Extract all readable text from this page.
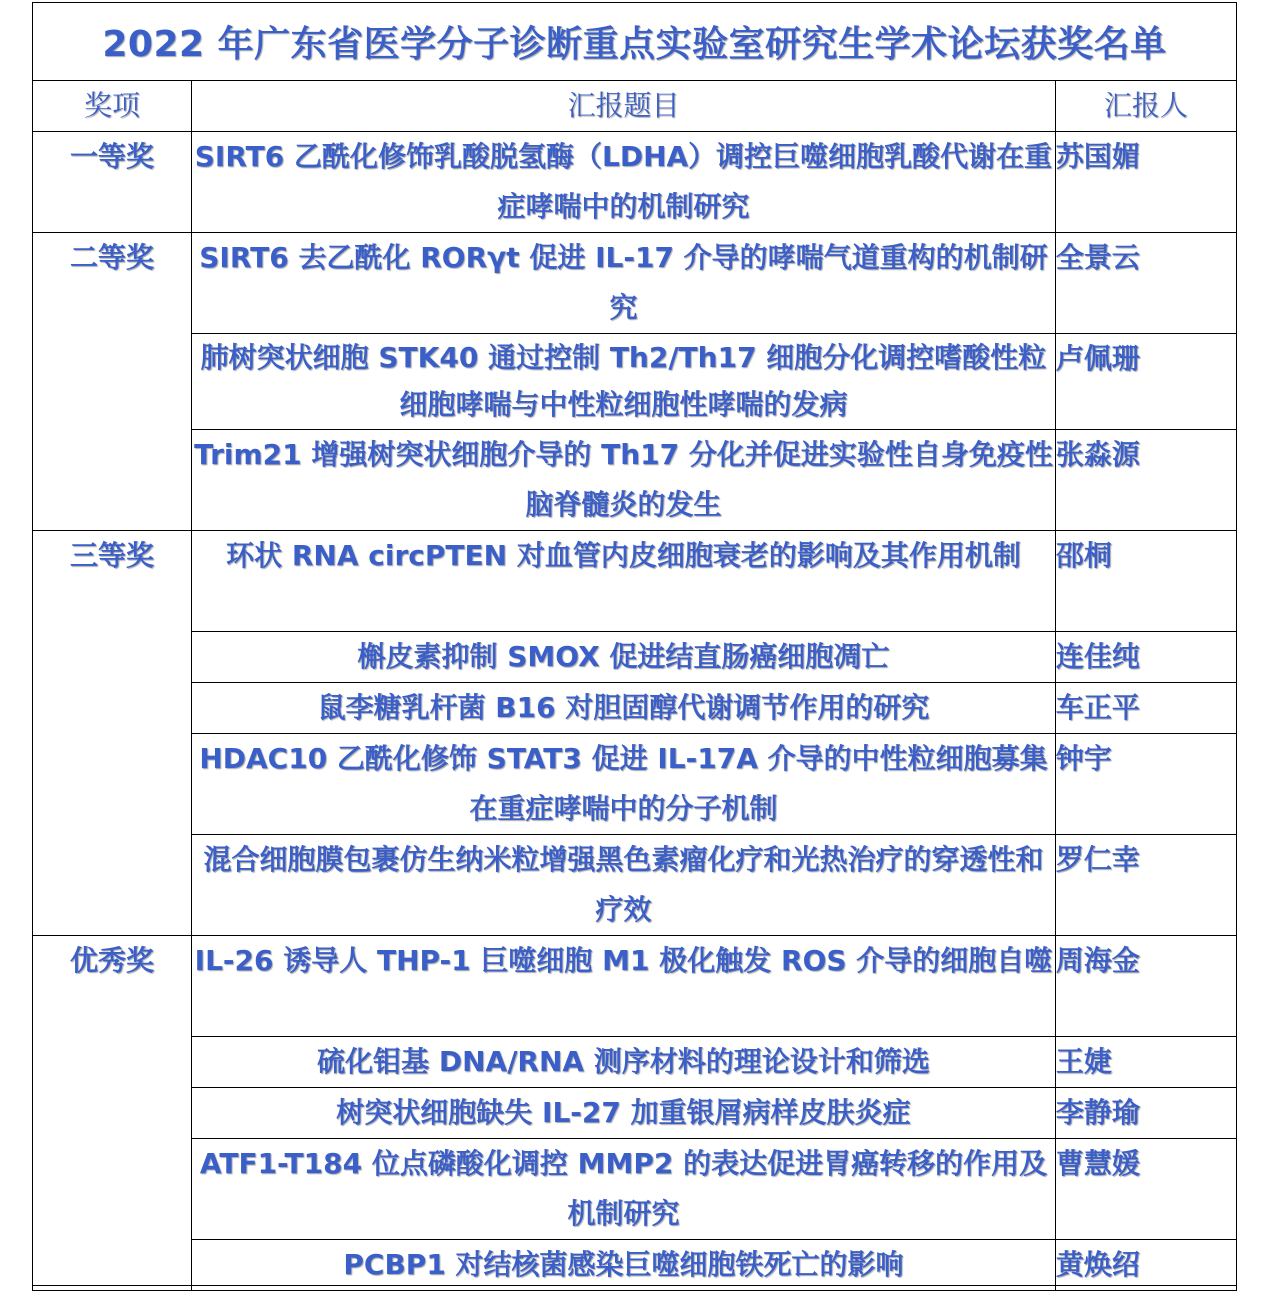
2022 年广东省医学分子诊断重点实验室研究生学术论坛获奖名单
奖项	汇报题目	汇报人
一等奖	SIRT6 乙酰化修饰乳酸脱氢酶（LDHA）调控巨噬细胞乳酸代谢在重症哮喘中的机制研究	苏国媚
二等奖	SIRT6 去乙酰化 RORγt 促进 IL-17 介导的哮喘气道重构的机制研究	全景云
	肺树突状细胞 STK40 通过控制 Th2/Th17 细胞分化调控嗜酸性粒细胞哮喘与中性粒细胞性哮喘的发病	卢佩珊
	Trim21 增强树突状细胞介导的 Th17 分化并促进实验性自身免疫性脑脊髓炎的发生	张淼源
三等奖	环状 RNA circPTEN 对血管内皮细胞衰老的影响及其作用机制	邵桐
	槲皮素抑制 SMOX 促进结直肠癌细胞凋亡	连佳纯
	鼠李糖乳杆菌 B16 对胆固醇代谢调节作用的研究	车正平
	HDAC10 乙酰化修饰 STAT3 促进 IL-17A 介导的中性粒细胞募集在重症哮喘中的分子机制	钟宇
	混合细胞膜包裹仿生纳米粒增强黑色素瘤化疗和光热治疗的穿透性和疗效	罗仁幸
优秀奖	IL-26 诱导人 THP-1 巨噬细胞 M1 极化触发 ROS 介导的细胞自噬	周海金
	硫化钼基 DNA/RNA 测序材料的理论设计和筛选	王婕
	树突状细胞缺失 IL-27 加重银屑病样皮肤炎症	李静瑜
	ATF1-T184 位点磷酸化调控 MMP2 的表达促进胃癌转移的作用及机制研究	曹慧媛
	PCBP1 对结核菌感染巨噬细胞铁死亡的影响	黄焕绍
